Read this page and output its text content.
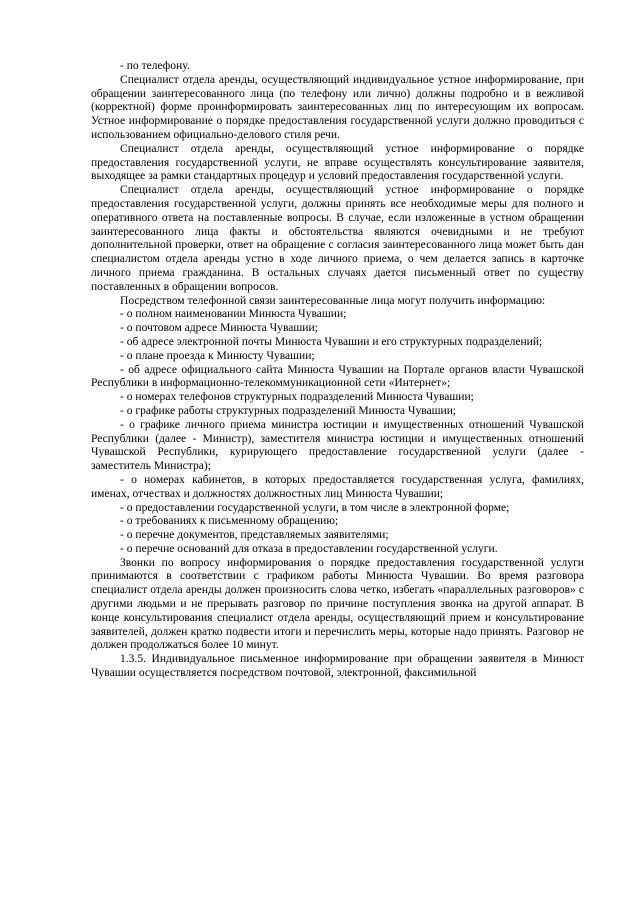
- по телефону.

Специалист отдела аренды, осуществляющий индивидуальное устное информирование, при обращении заинтересованного лица (по телефону или лично) должны подробно и в вежливой (корректной) форме проинформировать заинтересованных лиц по интересующим их вопросам. Устное информирование о порядке предоставления государственной услуги должно проводиться с использованием официально-делового стиля речи.

Специалист отдела аренды, осуществляющий устное информирование о порядке предоставления государственной услуги, не вправе осуществлять консультирование заявителя, выходящее за рамки стандартных процедур и условий предоставления государственной услуги.

Специалист отдела аренды, осуществляющий устное информирование о порядке предоставления государственной услуги, должны принять все необходимые меры для полного и оперативного ответа на поставленные вопросы. В случае, если изложенные в устном обращении заинтересованного лица факты и обстоятельства являются очевидными и не требуют дополнительной проверки, ответ на обращение с согласия заинтересованного лица может быть дан специалистом отдела аренды устно в ходе личного приема, о чем делается запись в карточке личного приема гражданина. В остальных случаях дается письменный ответ по существу поставленных в обращении вопросов.

Посредством телефонной связи заинтересованные лица могут получить информацию:

- о полном наименовании Минюста Чувашии;

- о почтовом адресе Минюста Чувашии;

- об адресе электронной почты Минюста Чувашии и его структурных подразделений;

- о плане проезда к Минюсту Чувашии;

- об адресе официального сайта Минюста Чувашии на Портале органов власти Чувашской Республики в информационно-телекоммуникационной сети «Интернет»;

- о номерах телефонов структурных подразделений Минюста Чувашии;

- о графике работы структурных подразделений Минюста Чувашии;

- о графике личного приема министра юстиции и имущественных отношений Чувашской Республики (далее - Министр), заместителя министра юстиции и имущественных отношений Чувашской Республики, курирующего предоставление государственной услуги (далее - заместитель Министра);

- о номерах кабинетов, в которых предоставляется государственная услуга, фамилиях, именах, отчествах и должностях должностных лиц Минюста Чувашии;

- о предоставлении государственной услуги, в том числе в электронной форме;

- о требованиях к письменному обращению;

- о перечне документов, представляемых заявителями;

- о перечне оснований для отказа в предоставлении государственной услуги.

Звонки по вопросу информирования о порядке предоставления государственной услуги принимаются в соответствии с графиком работы Минюста Чувашии. Во время разговора специалист отдела аренды должен произносить слова четко, избегать «параллельных разговоров» с другими людьми и не прерывать разговор по причине поступления звонка на другой аппарат. В конце консультирования специалист отдела аренды, осуществляющий прием и консультирование заявителей, должен кратко подвести итоги и перечислить меры, которые надо принять. Разговор не должен продолжаться более 10 минут.

1.3.5. Индивидуальное письменное информирование при обращении заявителя в Минюст Чувашии осуществляется посредством почтовой, электронной, факсимильной
